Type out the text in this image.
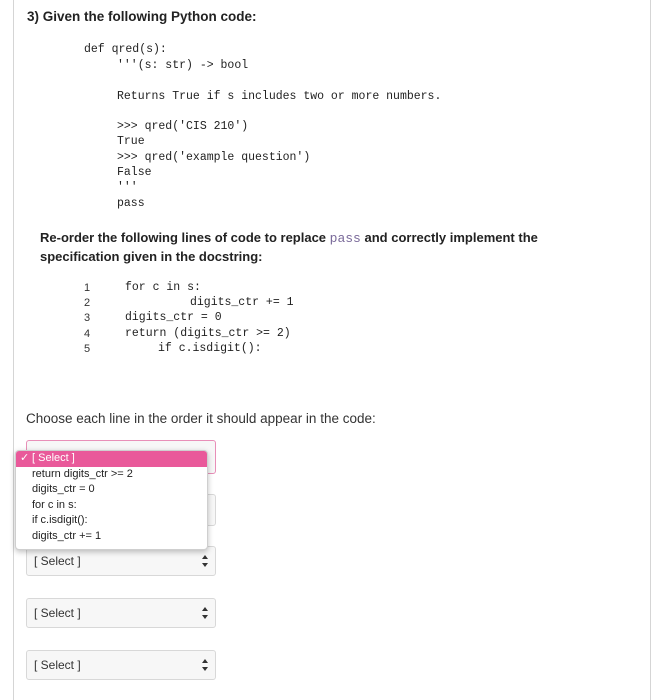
3) Given the following Python code:
def qred(s):
'''(s: str) -> bool
Returns True if s includes two or more numbers.
>>> qred('CIS 210')
True
>>> qred('example question')
False
'''
pass
Re-order the following lines of code to replace pass and correctly implement the specification given in the docstring:
1	for c in s:
2	digits_ctr += 1
3	digits_ctr = 0
4	return (digits_ctr >= 2)
5	if c.isdigit():
Choose each line in the order it should appear in the code:
[ Select ]
[ Select ]
[ Select ]
✓ [ Select ]
return digits_ctr >= 2
digits_ctr = 0
for c in s:
if c.isdigit():
digits_ctr += 1
